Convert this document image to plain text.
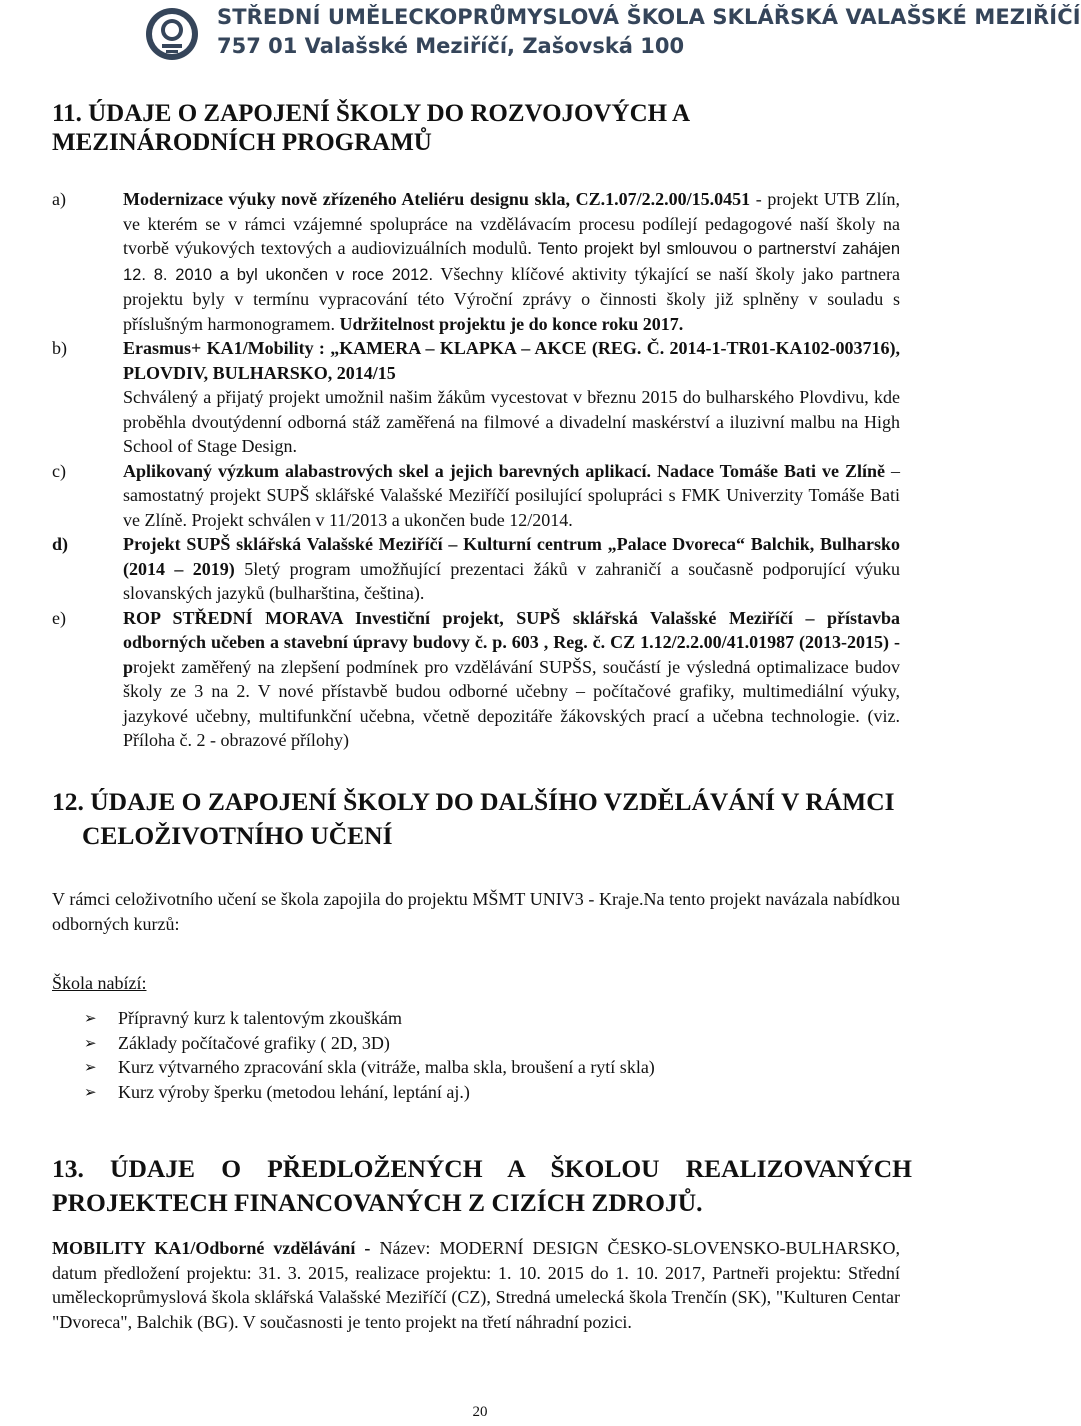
STŘEDNÍ UMĚLECKOPRŮMYSLOVÁ ŠKOLA SKLÁŘSKÁ VALAŠSKÉ MEZIŘÍČÍ
757 01 Valašské Meziříčí, Zašovská 100
11. ÚDAJE O ZAPOJENÍ ŠKOLY DO ROZVOJOVÝCH A MEZINÁRODNÍCH PROGRAMŮ
a)	Modernizace výuky nově zřízeného Ateliéru designu skla, CZ.1.07/2.2.00/15.0451 - projekt UTB Zlín, ve kterém se v rámci vzájemné spolupráce na vzdělávacím procesu podílejí pedagogové naší školy na tvorbě výukových textových a audiovizuálních modulů. Tento projekt byl smlouvou o partnerství zahájen 12. 8. 2010 a byl ukončen v roce 2012. Všechny klíčové aktivity týkající se naší školy jako partnera projektu byly v termínu vypracování této Výroční zprávy o činnosti školy již splněny v souladu s příslušným harmonogramem. Udržitelnost projektu je do konce roku 2017.
b)	Erasmus+ KA1/Mobility : „KAMERA – KLAPKA – AKCE (REG. Č. 2014-1-TR01-KA102-003716), PLOVDIV, BULHARSKO, 2014/15
Schválený a přijatý projekt umožnil našim žákům vycestovat v březnu 2015 do bulharského Plovdivu, kde proběhla dvoutýdenní odborná stáž zaměřená na filmové a divadelní maskérství a iluzivní malbu na High School of Stage Design.
c)	Aplikovaný výzkum alabastrových skel a jejich barevných aplikací. Nadace Tomáše Bati ve Zlíně – samostatný projekt SUPŠ sklářské Valašské Meziříčí posilující spolupráci s FMK Univerzity Tomáše Bati ve Zlíně. Projekt schválen v 11/2013 a ukončen bude 12/2014.
d)	Projekt SUPŠ sklářská Valašské Meziříčí – Kulturní centrum „Palace Dvoreca“ Balchik, Bulharsko (2014 – 2019) 5letý program umožňující prezentaci žáků v zahraničí a současně podporující výuku slovanských jazyků (bulharština, čeština).
e)	ROP STŘEDNÍ MORAVA Investiční projekt, SUPŠ sklářská Valašské Meziříčí – přístavba odborných učeben a stavební úpravy budovy č. p. 603 , Reg. č. CZ 1.12/2.2.00/41.01987 (2013-2015) - projekt zaměřený na zlepšení podmínek pro vzdělávání SUPŠS, součástí je výsledná optimalizace budov školy ze 3 na 2. V nové přístavbě budou odborné učebny – počítačové grafiky, multimediální výuky, jazykové učebny, multifunkční učebna, včetně depozitáře žákovských prací a učebna technologie. (viz. Příloha č. 2 - obrazové přílohy)
12. ÚDAJE O ZAPOJENÍ ŠKOLY DO DALŠÍHO VZDĚLÁVÁNÍ V RÁMCI
CELOŽIVOTNÍHO UČENÍ

V rámci celoživotního učení se škola zapojila do projektu MŠMT UNIV3 - Kraje.Na tento projekt navázala nabídkou odborných kurzů:

Škola nabízí:
➢ Přípravný kurz k talentovým zkouškám
➢ Základy počítačové grafiky ( 2D, 3D)
➢ Kurz výtvarného zpracování skla (vitráže, malba skla, broušení a rytí skla)
➢ Kurz výroby šperku (metodou lehání, leptání aj.)
13. ÚDAJE O PŘEDLOŽENÝCH A ŠKOLOU REALIZOVANÝCH
PROJEKTECH FINANCOVANÝCH Z CIZÍCH ZDROJŮ.

MOBILITY KA1/Odborné vzdělávání - Název: MODERNÍ DESIGN ČESKO-SLOVENSKO-BULHARSKO, datum předložení projektu: 31. 3. 2015, realizace projektu: 1. 10. 2015 do 1. 10. 2017, Partneři projektu: Střední uměleckoprůmyslová škola sklářská Valašské Meziříčí (CZ), Stredná umelecká škola Trenčín (SK), "Kulturen Centar "Dvoreca", Balchik (BG). V současnosti je tento projekt na třetí náhradní pozici.

20
